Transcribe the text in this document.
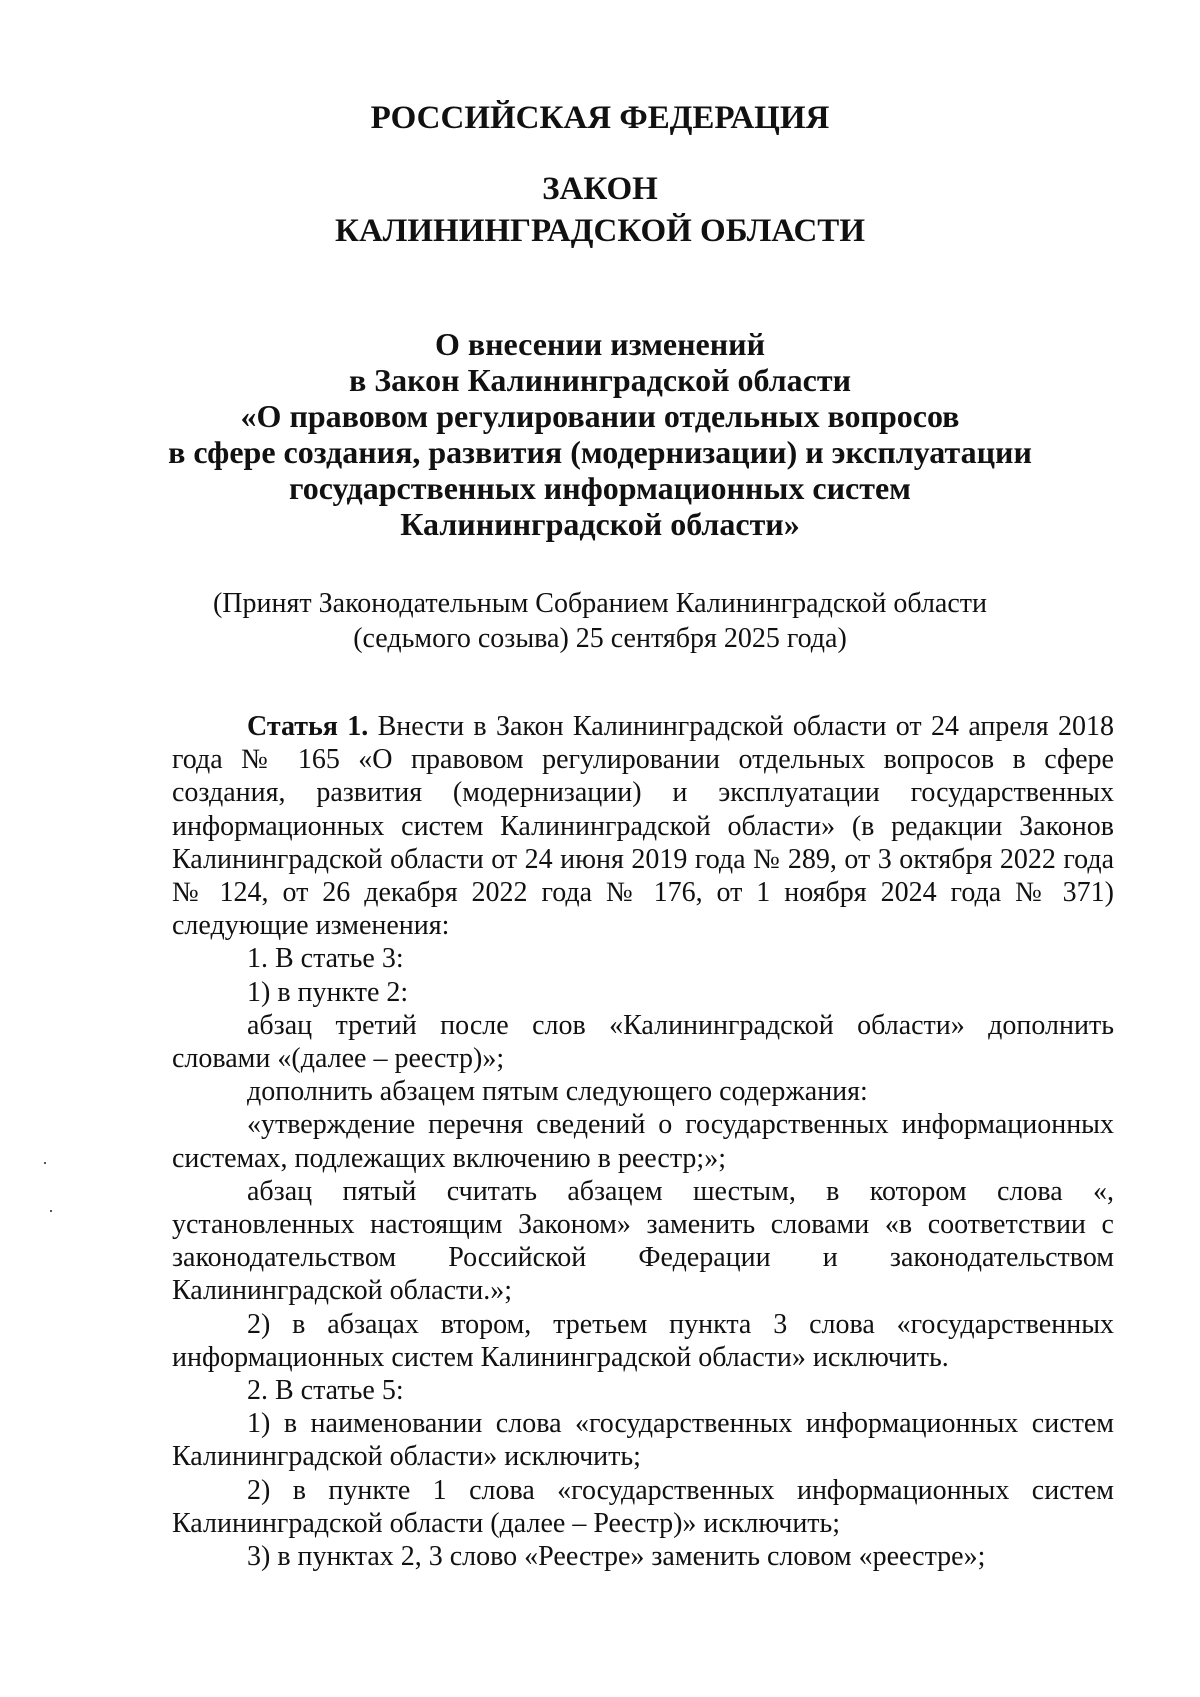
РОССИЙСКАЯ ФЕДЕРАЦИЯ
ЗАКОН
КАЛИНИНГРАДСКОЙ ОБЛАСТИ
О внесении изменений
в Закон Калининградской области
«О правовом регулировании отдельных вопросов
в сфере создания, развития (модернизации) и эксплуатации
государственных информационных систем
Калининградской области»
(Принят Законодательным Собранием Калининградской области
(седьмого созыва) 25 сентября 2025 года)

Статья 1. Внести в Закон Калининградской области от 24 апреля 2018 года № 165 «О правовом регулировании отдельных вопросов в сфере создания, развития (модернизации) и эксплуатации государственных информационных систем Калининградской области» (в редакции Законов Калининградской области от 24 июня 2019 года № 289, от 3 октября 2022 года № 124, от 26 декабря 2022 года № 176, от 1 ноября 2024 года № 371) следующие изменения:

1. В статье 3:

1) в пункте 2:

абзац третий после слов «Калининградской области» дополнить словами «(далее – реестр)»;

дополнить абзацем пятым следующего содержания:

«утверждение перечня сведений о государственных информационных системах, подлежащих включению в реестр;»;

абзац пятый считать абзацем шестым, в котором слова «, установленных настоящим Законом» заменить словами «в соответствии с законодательством Российской Федерации и законодательством Калининградской области.»;

2) в абзацах втором, третьем пункта 3 слова «государственных информационных систем Калининградской области» исключить.

2. В статье 5:

1) в наименовании слова «государственных информационных систем Калининградской области» исключить;

2) в пункте 1 слова «государственных информационных систем Калининградской области (далее – Реестр)» исключить;

3) в пунктах 2, 3 слово «Реестре» заменить словом «реестре»;
